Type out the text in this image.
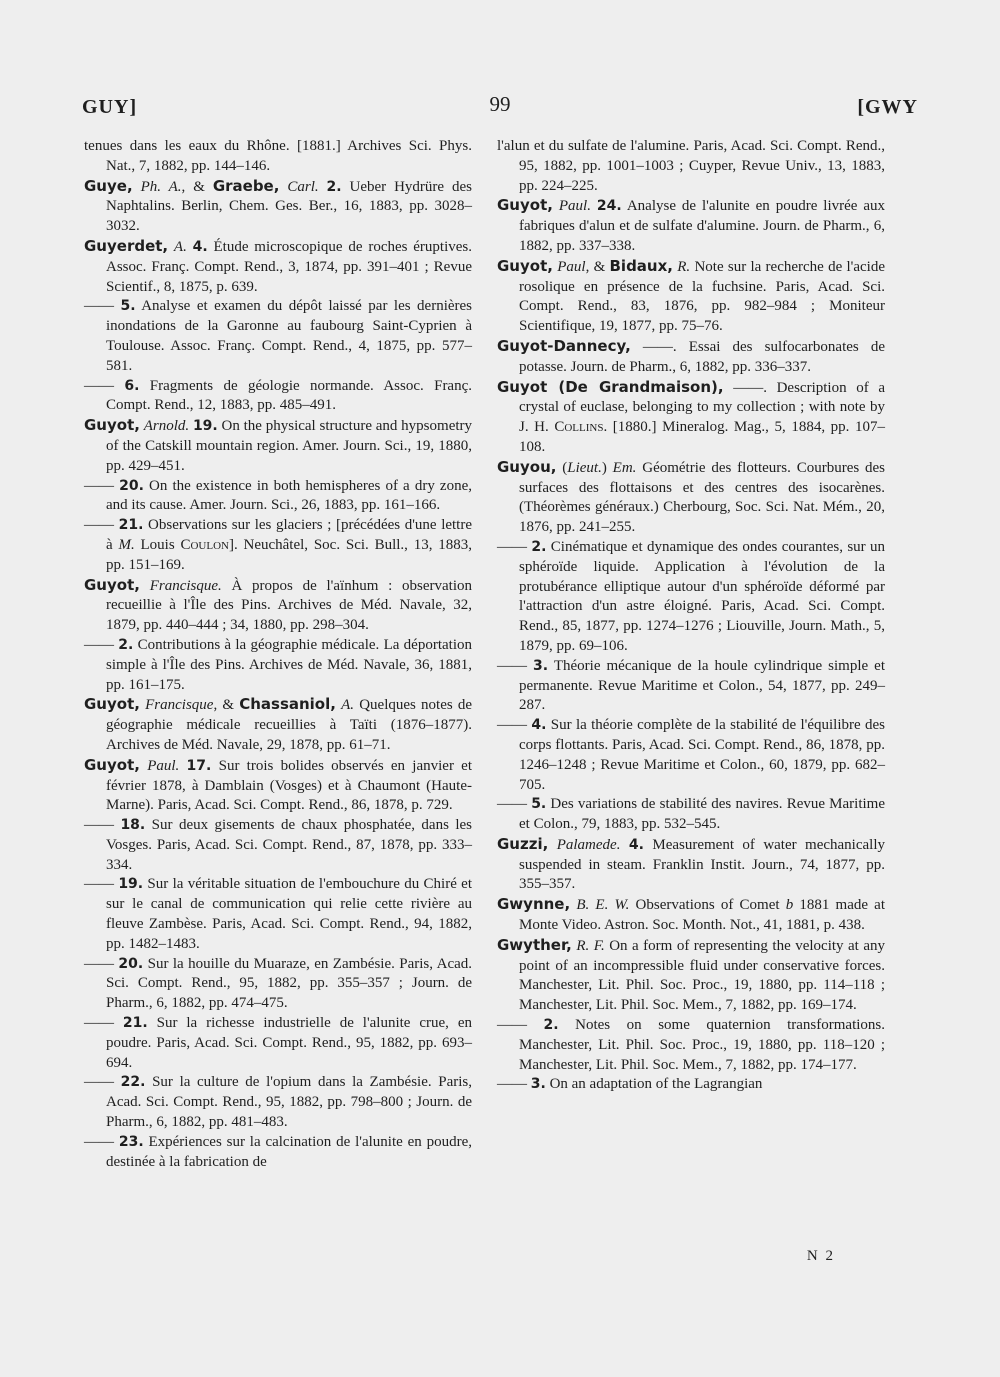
GUY]	99	[GWY
tenues dans les eaux du Rhône. [1881.] Archives Sci. Phys. Nat., 7, 1882, pp. 144–146.
Guye, Ph. A., & Graebe, Carl. 2. Ueber Hydrüre des Naphtalins. Berlin, Chem. Ges. Ber., 16, 1883, pp. 3028–3032.
Guyerdet, A. 4. Étude microscopique de roches éruptives. Assoc. Franç. Compt. Rend., 3, 1874, pp. 391–401 ; Revue Scientif., 8, 1875, p. 639.
—— 5. Analyse et examen du dépôt laissé par les dernières inondations de la Garonne au faubourg Saint-Cyprien à Toulouse. Assoc. Franç. Compt. Rend., 4, 1875, pp. 577–581.
—— 6. Fragments de géologie normande. Assoc. Franç. Compt. Rend., 12, 1883, pp. 485–491.
Guyot, Arnold. 19. On the physical structure and hypsometry of the Catskill mountain region. Amer. Journ. Sci., 19, 1880, pp. 429–451.
—— 20. On the existence in both hemispheres of a dry zone, and its cause. Amer. Journ. Sci., 26, 1883, pp. 161–166.
—— 21. Observations sur les glaciers ; [précédées d'une lettre à M. Louis Coulon]. Neuchâtel, Soc. Sci. Bull., 13, 1883, pp. 151–169.
Guyot, Francisque. À propos de l'aïnhum : observation recueillie à l'Île des Pins. Archives de Méd. Navale, 32, 1879, pp. 440–444 ; 34, 1880, pp. 298–304.
—— 2. Contributions à la géographie médicale. La déportation simple à l'Île des Pins. Archives de Méd. Navale, 36, 1881, pp. 161–175.
Guyot, Francisque, & Chassaniol, A. Quelques notes de géographie médicale recueillies à Taïti (1876–1877). Archives de Méd. Navale, 29, 1878, pp. 61–71.
Guyot, Paul. 17. Sur trois bolides observés en janvier et février 1878, à Damblain (Vosges) et à Chaumont (Haute-Marne). Paris, Acad. Sci. Compt. Rend., 86, 1878, p. 729.
—— 18. Sur deux gisements de chaux phosphatée, dans les Vosges. Paris, Acad. Sci. Compt. Rend., 87, 1878, pp. 333–334.
—— 19. Sur la véritable situation de l'embouchure du Chiré et sur le canal de communication qui relie cette rivière au fleuve Zambèse. Paris, Acad. Sci. Compt. Rend., 94, 1882, pp. 1482–1483.
—— 20. Sur la houille du Muaraze, en Zambésie. Paris, Acad. Sci. Compt. Rend., 95, 1882, pp. 355–357 ; Journ. de Pharm., 6, 1882, pp. 474–475.
—— 21. Sur la richesse industrielle de l'alunite crue, en poudre. Paris, Acad. Sci. Compt. Rend., 95, 1882, pp. 693–694.
—— 22. Sur la culture de l'opium dans la Zambésie. Paris, Acad. Sci. Compt. Rend., 95, 1882, pp. 798–800 ; Journ. de Pharm., 6, 1882, pp. 481–483.
—— 23. Expériences sur la calcination de l'alunite en poudre, destinée à la fabrication de
l'alun et du sulfate de l'alumine. Paris, Acad. Sci. Compt. Rend., 95, 1882, pp. 1001–1003 ; Cuyper, Revue Univ., 13, 1883, pp. 224–225.
Guyot, Paul. 24. Analyse de l'alunite en poudre livrée aux fabriques d'alun et de sulfate d'alumine. Journ. de Pharm., 6, 1882, pp. 337–338.
Guyot, Paul, & Bidaux, R. Note sur la recherche de l'acide rosolique en présence de la fuchsine. Paris, Acad. Sci. Compt. Rend., 83, 1876, pp. 982–984 ; Moniteur Scientifique, 19, 1877, pp. 75–76.
Guyot-Dannecy, ——. Essai des sulfocarbonates de potasse. Journ. de Pharm., 6, 1882, pp. 336–337.
Guyot (De Grandmaison), ——. Description of a crystal of euclase, belonging to my collection ; with note by J. H. Collins. [1880.] Mineralog. Mag., 5, 1884, pp. 107–108.
Guyou, (Lieut.) Em. Géométrie des flotteurs. Courbures des surfaces des flottaisons et des centres des isocarènes. (Théorèmes généraux.) Cherbourg, Soc. Sci. Nat. Mém., 20, 1876, pp. 241–255.
—— 2. Cinématique et dynamique des ondes courantes, sur un sphéroïde liquide. Application à l'évolution de la protubérance elliptique autour d'un sphéroïde déformé par l'attraction d'un astre éloigné. Paris, Acad. Sci. Compt. Rend., 85, 1877, pp. 1274–1276 ; Liouville, Journ. Math., 5, 1879, pp. 69–106.
—— 3. Théorie mécanique de la houle cylindrique simple et permanente. Revue Maritime et Colon., 54, 1877, pp. 249–287.
—— 4. Sur la théorie complète de la stabilité de l'équilibre des corps flottants. Paris, Acad. Sci. Compt. Rend., 86, 1878, pp. 1246–1248 ; Revue Maritime et Colon., 60, 1879, pp. 682–705.
—— 5. Des variations de stabilité des navires. Revue Maritime et Colon., 79, 1883, pp. 532–545.
Guzzi, Palamede. 4. Measurement of water mechanically suspended in steam. Franklin Instit. Journ., 74, 1877, pp. 355–357.
Gwynne, B. E. W. Observations of Comet b 1881 made at Monte Video. Astron. Soc. Month. Not., 41, 1881, p. 438.
Gwyther, R. F. On a form of representing the velocity at any point of an incompressible fluid under conservative forces. Manchester, Lit. Phil. Soc. Proc., 19, 1880, pp. 114–118 ; Manchester, Lit. Phil. Soc. Mem., 7, 1882, pp. 169–174.
—— 2. Notes on some quaternion transformations. Manchester, Lit. Phil. Soc. Proc., 19, 1880, pp. 118–120 ; Manchester, Lit. Phil. Soc. Mem., 7, 1882, pp. 174–177.
—— 3. On an adaptation of the Lagrangian
N 2
